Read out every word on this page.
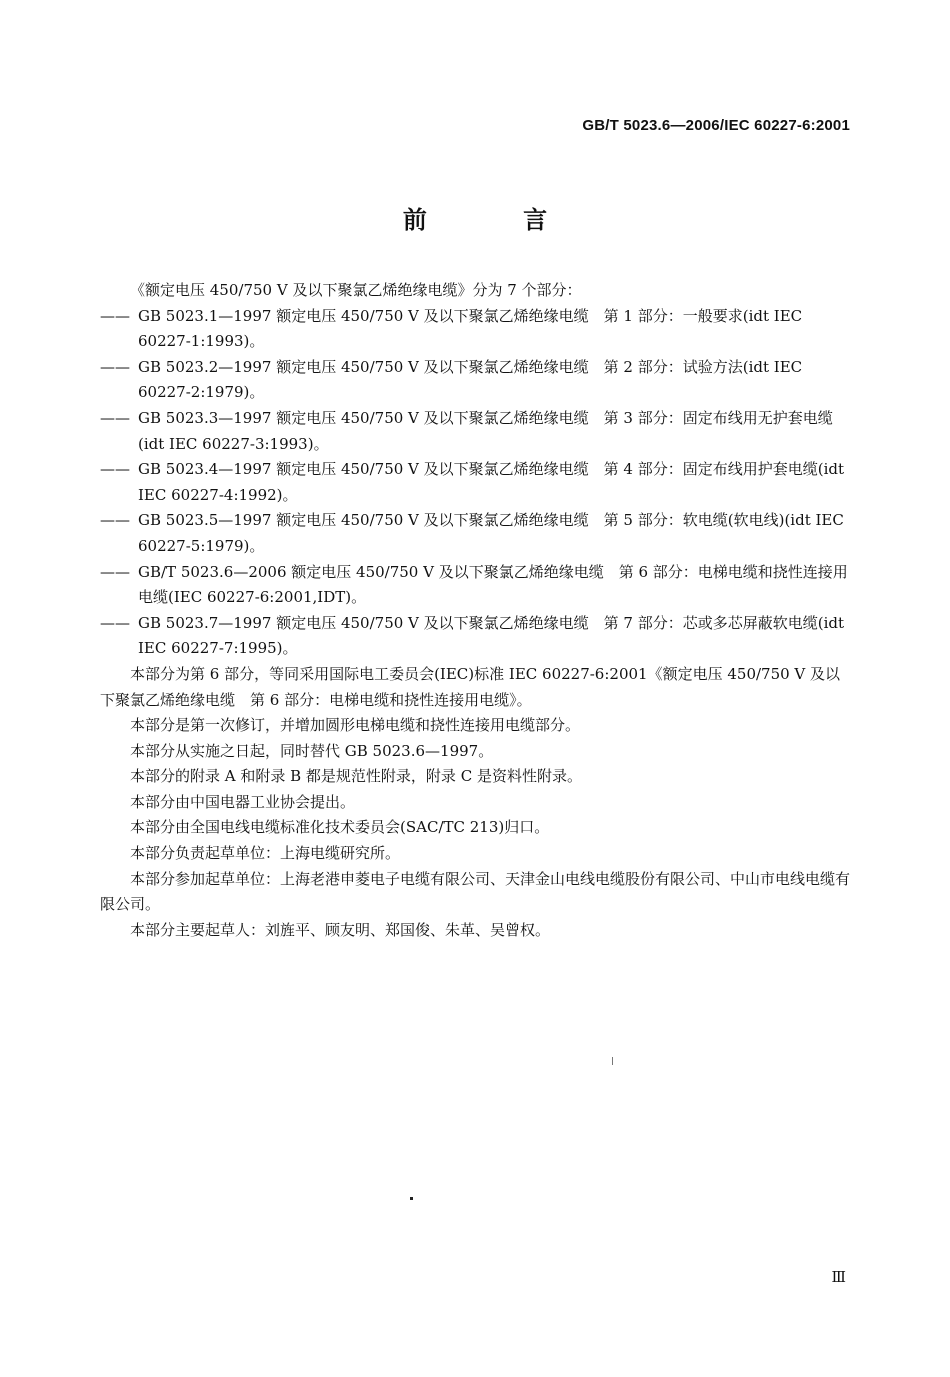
GB/T 5023.6—2006/IEC 60227-6:2001
前 言

《额定电压 450/750 V 及以下聚氯乙烯绝缘电缆》分为 7 个部分：

—— GB 5023.1—1997 额定电压 450/750 V 及以下聚氯乙烯绝缘电缆　第 1 部分：一般要求(idt IEC 60227-1:1993)。

—— GB 5023.2—1997 额定电压 450/750 V 及以下聚氯乙烯绝缘电缆　第 2 部分：试验方法(idt IEC 60227-2:1979)。

—— GB 5023.3—1997 额定电压 450/750 V 及以下聚氯乙烯绝缘电缆　第 3 部分：固定布线用无护套电缆(idt IEC 60227-3:1993)。

—— GB 5023.4—1997 额定电压 450/750 V 及以下聚氯乙烯绝缘电缆　第 4 部分：固定布线用护套电缆(idt IEC 60227-4:1992)。

—— GB 5023.5—1997 额定电压 450/750 V 及以下聚氯乙烯绝缘电缆　第 5 部分：软电缆(软电线)(idt IEC 60227-5:1979)。

—— GB/T 5023.6—2006 额定电压 450/750 V 及以下聚氯乙烯绝缘电缆　第 6 部分：电梯电缆和挠性连接用电缆(IEC 60227-6:2001,IDT)。

—— GB 5023.7—1997 额定电压 450/750 V 及以下聚氯乙烯绝缘电缆　第 7 部分：芯或多芯屏蔽软电缆(idt IEC 60227-7:1995)。

本部分为第 6 部分，等同采用国际电工委员会(IEC)标准 IEC 60227-6:2001《额定电压 450/750 V 及以下聚氯乙烯绝缘电缆　第 6 部分：电梯电缆和挠性连接用电缆》。

本部分是第一次修订，并增加圆形电梯电缆和挠性连接用电缆部分。

本部分从实施之日起，同时替代 GB 5023.6—1997。

本部分的附录 A 和附录 B 都是规范性附录，附录 C 是资料性附录。

本部分由中国电器工业协会提出。

本部分由全国电线电缆标准化技术委员会(SAC/TC 213)归口。

本部分负责起草单位：上海电缆研究所。

本部分参加起草单位：上海老港申菱电子电缆有限公司、天津金山电线电缆股份有限公司、中山市电线电缆有限公司。

本部分主要起草人：刘旌平、顾友明、郑国俊、朱革、吴曾权。

Ⅲ
